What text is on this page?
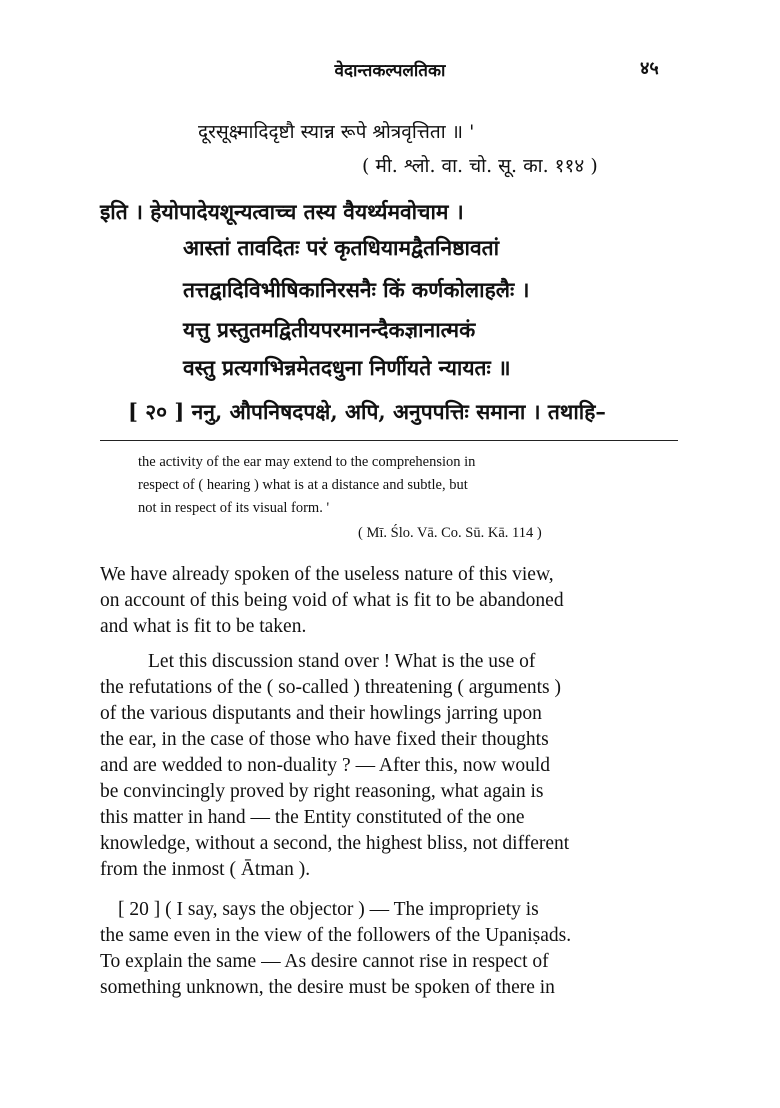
वेदान्तकल्पलतिका	४५
दूरसूक्ष्मादिदृष्टौ स्यान्न रूपे श्रोत्रवृत्तिता ॥ '
( मी. श्लो. वा. चो. सू. का. ११४ )
इति । हेयोपादेयशून्यत्वाच्च तस्य वैयर्थ्यमवोचाम ।
आस्तां तावदितः परं कृतधियामद्वैतनिष्ठावतां
तत्तद्वादिविभीषिकानिरसनैः किं कर्णकोलाहलैः ।
यत्तु प्रस्तुतमद्वितीयपरमानन्दैकज्ञानात्मकं
वस्तु प्रत्यगभिन्नमेतदधुना निर्णीयते न्यायतः ॥
[ २० ] ननु, औपनिषदपक्षे, अपि, अनुपपत्तिः समाना । तथाहि–
the activity of the ear may extend to the comprehension in
respect of ( hearing ) what is at a distance and subtle, but
not in respect of its visual form. '
( Mī. Ślo. Vā. Co. Sū. Kā. 114 )
We have already spoken of the useless nature of this view,
on account of this being void of what is fit to be abandoned
and what is fit to be taken.
Let this discussion stand over ! What is the use of
the refutations of the ( so-called ) threatening ( arguments )
of the various disputants and their howlings jarring upon
the ear, in the case of those who have fixed their thoughts
and are wedded to non-duality ? — After this, now would
be convincingly proved by right reasoning, what again is
this matter in hand — the Entity constituted of the one
knowledge, without a second, the highest bliss, not different
from the inmost ( Ātman ).
[ 20 ] ( I say, says the objector ) — The impropriety is
the same even in the view of the followers of the Upaniṣads.
To explain the same — As desire cannot rise in respect of
something unknown, the desire must be spoken of there in
